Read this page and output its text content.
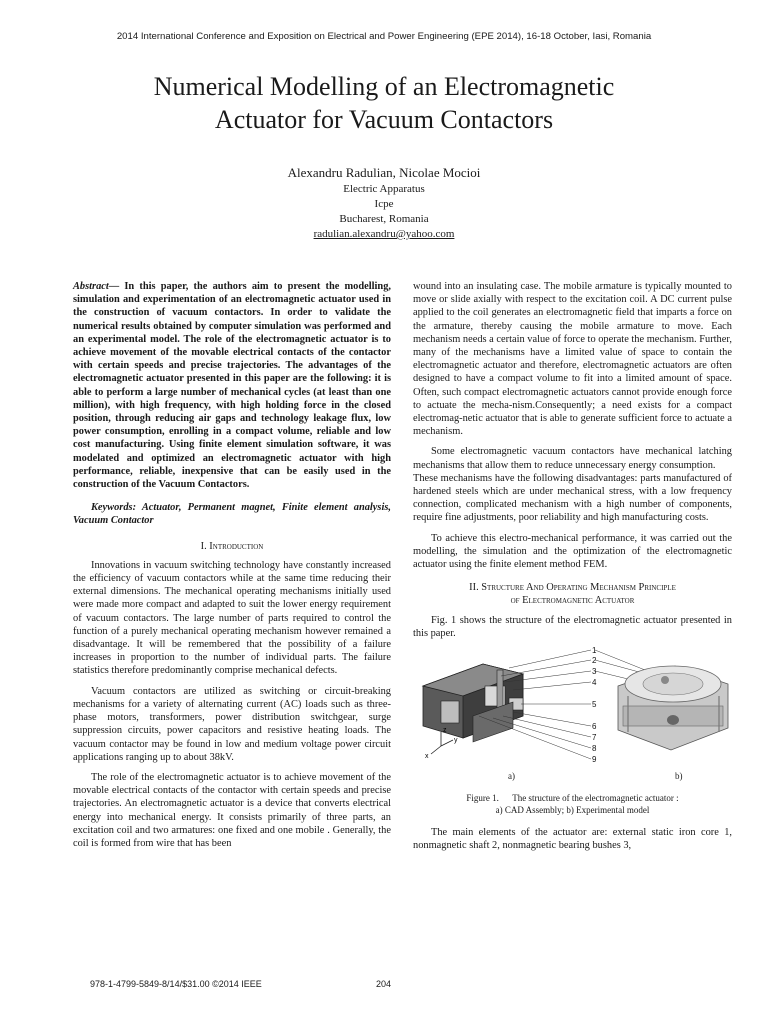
2014 International Conference and Exposition on Electrical and Power Engineering (EPE 2014), 16-18 October, Iasi, Romania
Numerical Modelling of an Electromagnetic
Actuator for Vacuum Contactors
Alexandru Radulian, Nicolae Mocioi
Electric Apparatus
Icpe
Bucharest, Romania
radulian.alexandru@yahoo.com

Abstract— In this paper, the authors aim to present the modelling, simulation and experimentation of an electromagnetic actuator used in the construction of vacuum contactors. In order to validate the numerical results obtained by computer simulation was performed and an experimental model. The role of the electromagnetic actuator is to achieve movement of the movable electrical contacts of the contactor with certain speeds and precise trajectories. The advantages of the electromagnetic actuator presented in this paper are the following: it is able to perform a large number of mechanical cycles (at least than one million), with high frequency, with high holding force in the closed position, through reducing air gaps and technology leakage flux, low power consumption, enrolling in a compact volume, reliable and low cost manufacturing. Using finite element simulation software, it was modelated and optimized an electromagnetic actuator with high performance, reliable, inexpensive that can be easily used in the construction of the Vacuum Contactors.

Keywords: Actuator, Permanent magnet, Finite element analysis, Vacuum Contactor

I. Introduction

Innovations in vacuum switching technology have constantly increased the efficiency of vacuum contactors while at the same time reducing their external dimensions. The mechanical operating mechanisms initially used were made more compact and adapted to suit the lower energy requirement of vacuum contactors. The large number of parts required to control the function of a purely mechanical operating mechanism however remained a disadvantage. It will be remembered that the possibility of a failure increases in proportion to the number of individual parts. The failure statistics therefore predominantly comprise mechanical defects.

Vacuum contactors are utilized as switching or circuit-breaking mechanisms for a variety of alternating current (AC) loads such as three-phase motors, transformers, power distribution switchgear, surge suppression circuits, power capacitors and resistive heating loads. The vacuum contactor may be found in low and medium voltage power circuit applications ranging up to about 38kV.

The role of the electromagnetic actuator is to achieve movement of the movable electrical contacts of the contactor with certain speeds and precise trajectories. An electromagnetic actuator is a device that converts electrical energy into mechanical energy. It consists primarily of three parts, an excitation coil and two armatures: one fixed and one mobile . Generally, the coil is formed from wire that has been

wound into an insulating case. The mobile armature is typically mounted to move or slide axially with respect to the excitation coil. A DC current pulse applied to the coil generates an electromagnetic field that imparts a force on the armature, thereby causing the mobile armature to move. Each mechanism needs a certain value of force to operate the mechanism. Further, many of the mechanisms have a limited value of space to contain the electromagnetic actuator and therefore, electromagnetic actuators are often designed to have a compact volume to fit into a limited amount of space. Often, such compact electromagnetic actuators cannot provide enough force to actuate the mecha-nism.Consequently; a need exists for a compact electromag-netic actuator that is able to generate sufficient force to actuate a mechanism.

Some electromagnetic vacuum contactors have mechanical latching mechanisms that allow them to reduce unnecessary energy consumption.

These mechanisms have the following disadvantages: parts manufactured of hardened steels which are under mechanical stress, with a low frequency connection, complicated mechanism with a high number of components, require fine adjustments, poor reliability and high manufacturing costs.

To achieve this electro-mechanical performance, it was carried out the modelling, the simulation and the optimization of the electromagnetic actuator using the finite element method FEM.

II. Structure And Operating Mechanism Principle
of Electromagnetic Actuator

Fig. 1 shows the structure of the electromagnetic actuator presented in this paper.

z
y
x
1
2
3
4
5
6
7
8
9
a)	b)
Figure 1.      The structure of the electromagnetic actuator :
a) CAD Assembly; b) Experimental model

The main elements of the actuator are: external static iron core 1, nonmagnetic shaft 2, nonmagnetic bearing bushes 3,

978-1-4799-5849-8/14/$31.00 ©2014 IEEE	204
